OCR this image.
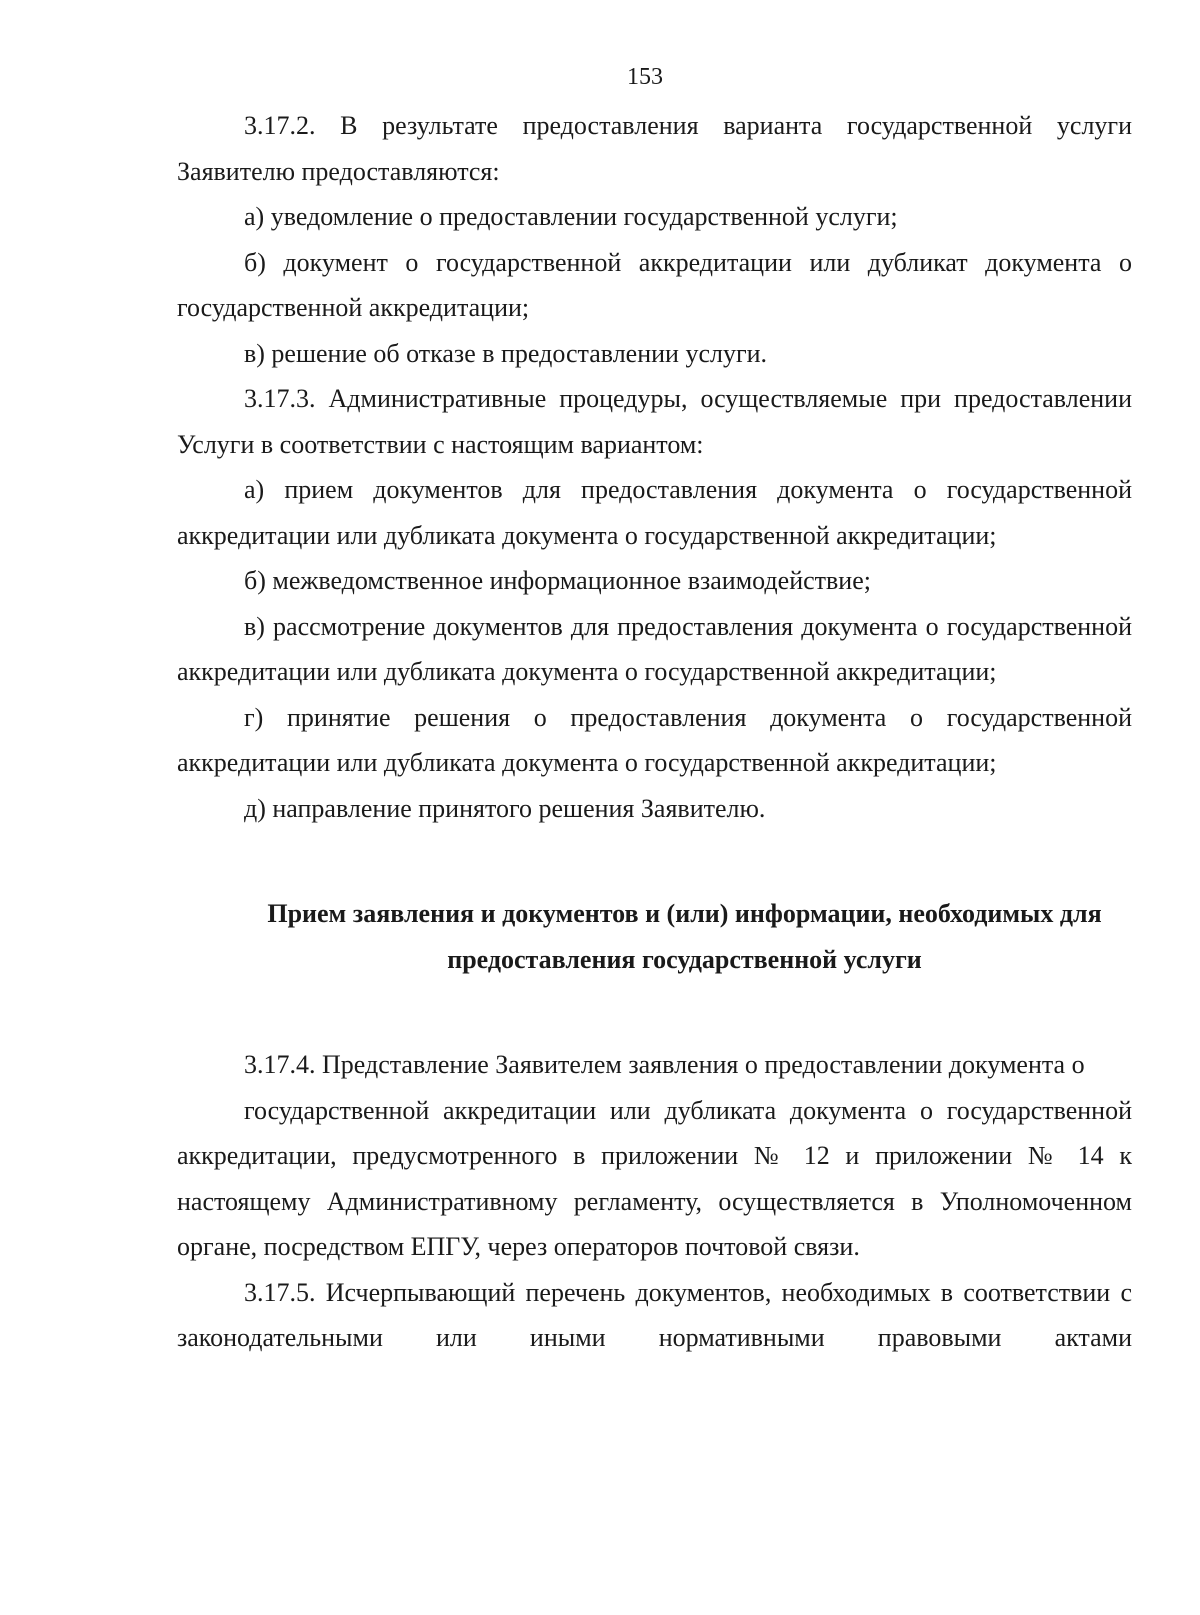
153

3.17.2. В результате предоставления варианта государственной услуги Заявителю предоставляются:

а) уведомление о предоставлении государственной услуги;

б) документ о государственной аккредитации или дубликат документа о государственной аккредитации;

в) решение об отказе в предоставлении услуги.

3.17.3. Административные процедуры, осуществляемые при предоставлении Услуги в соответствии с настоящим вариантом:

а) прием документов для предоставления документа о государственной аккредитации или дубликата документа о государственной аккредитации;

б) межведомственное информационное взаимодействие;

в) рассмотрение документов для предоставления документа о государственной аккредитации или дубликата документа о государственной аккредитации;

г) принятие решения о предоставления документа о государственной аккредитации или дубликата документа о государственной аккредитации;

д) направление принятого решения Заявителю.

Прием заявления и документов и (или) информации, необходимых для предоставления государственной услуги

3.17.4. Представление Заявителем заявления о предоставлении документа о

государственной аккредитации или дубликата документа о государственной аккредитации, предусмотренного в приложении № 12 и приложении № 14 к настоящему Административному регламенту, осуществляется в Уполномоченном органе, посредством ЕПГУ, через операторов почтовой связи.

3.17.5. Исчерпывающий перечень документов, необходимых в соответствии с законодательными или иными нормативными правовыми актами
